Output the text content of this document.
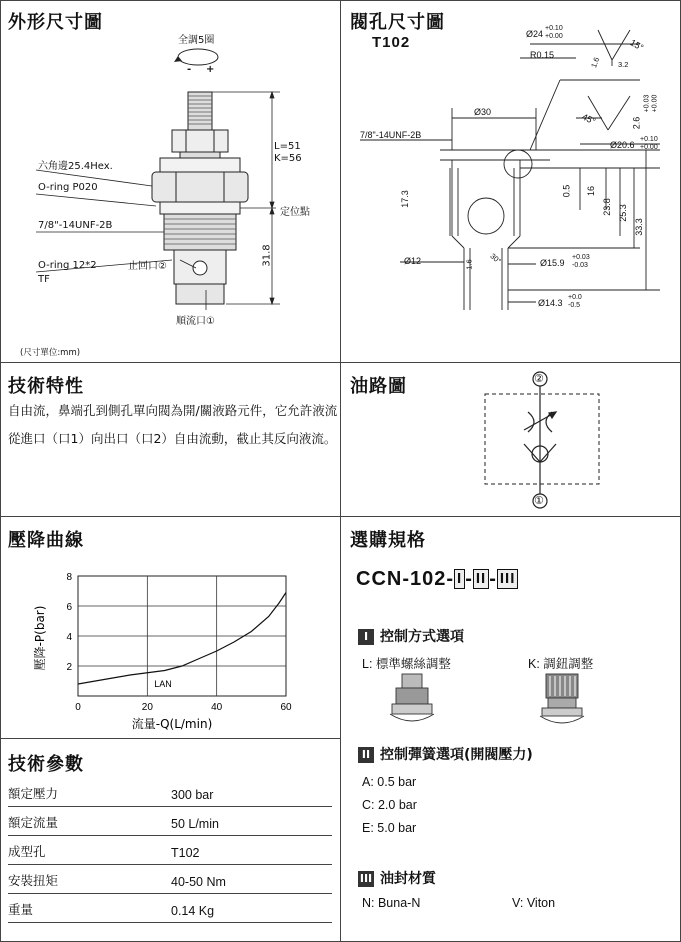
外形尺寸圖
全調5圈
- +
六角邊25.4Hex.
O-ring P020
7/8"-14UNF-2B
O-ring 12*2
TF
止回口②
順流口①
L=51
K=56
定位點
31.8
(尺寸單位:mm)
閥孔尺寸圖
T102	Ø24
+0.10
+0.00
R0.15
15°
1.6 3.2
Ø30
7/8"-14UNF-2B
45°	2.6
+0.03 +0.00
Ø20.6
+0.10
+0.00
17.3	0.5 16
23.8 25.3
33.3
Ø12	30°
1.6	Ø15.9
+0.03
-0.03
Ø14.3
+0.0
-0.5
技術特性
自由流，鼻端孔到側孔單向閥為開/關液路元件，它允許液流從進口（口1）向出口（口2）自由流動，截止其反向液流。
油路圖	②
①
壓降曲線
0	20	40	60
2
4
6
8
LAN
流量-Q(L/min)
壓降-P(bar)
選購規格
CCN-102- I - II - III
I 控制方式選項
L: 標準螺絲調整	K: 調鈕調整
II 控制彈簧選項(開閥壓力)
A: 0.5 bar
C: 2.0 bar
E: 5.0 bar
III 油封材質
N: Buna-N	V: Viton
技術參數
額定壓力	300 bar
額定流量	50 L/min
成型孔	T102
安裝扭矩	40-50 Nm
重量	0.14 Kg
